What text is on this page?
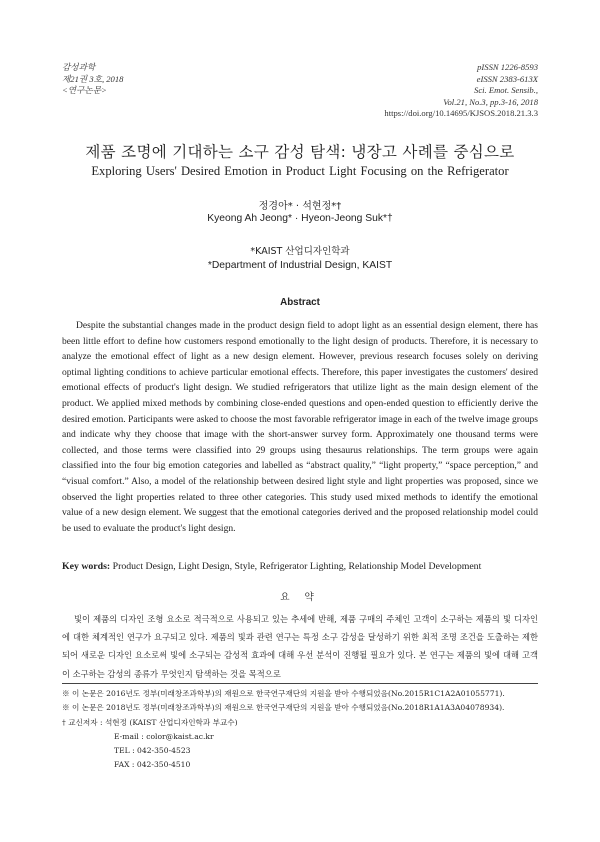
감성과학
제21권 3호, 2018
<연구논문>
pISSN 1226-8593
eISSN 2383-613X
Sci. Emot. Sensib.,
Vol.21, No.3, pp.3-16, 2018
https://doi.org/10.14695/KJSOS.2018.21.3.3
제품 조명에 기대하는 소구 감성 탐색: 냉장고 사례를 중심으로
Exploring Users' Desired Emotion in Product Light Focusing on the Refrigerator
정경아* · 석현정*†
Kyeong Ah Jeong* · Hyeon-Jeong Suk*†
*KAIST 산업디자인학과
*Department of Industrial Design, KAIST
Abstract
Despite the substantial changes made in the product design field to adopt light as an essential design element, there has been little effort to define how customers respond emotionally to the light design of products. Therefore, it is necessary to analyze the emotional effect of light as a new design element. However, previous research focuses solely on deriving optimal lighting conditions to achieve particular emotional effects. Therefore, this paper investigates the customers' desired emotional effects of product's light design. We studied refrigerators that utilize light as the main design element of the product. We applied mixed methods by combining close-ended questions and open-ended question to efficiently derive the desired emotion. Participants were asked to choose the most favorable refrigerator image in each of the twelve image groups and indicate why they choose that image with the short-answer survey form. Approximately one thousand terms were collected, and those terms were classified into 29 groups using thesaurus relationships. The term groups were again classified into the four big emotion categories and labelled as “abstract quality,” “light property,” “space perception,” and “visual comfort.” Also, a model of the relationship between desired light style and light properties was proposed, since we observed the light properties related to three other categories. This study used mixed methods to identify the emotional value of a new design element. We suggest that the emotional categories derived and the proposed relationship model could be used to evaluate the product's light design.
Key words: Product Design, Light Design, Style, Refrigerator Lighting, Relationship Model Development
요 약
빛이 제품의 디자인 조형 요소로 적극적으로 사용되고 있는 추세에 반해, 제품 구매의 주체인 고객이 소구하는 제품의 빛 디자인에 대한 체계적인 연구가 요구되고 있다. 제품의 빛과 관련 연구는 특정 소구 감성을 달성하기 위한 최적 조명 조건을 도출하는 제한되어 새로운 디자인 요소로써 빛에 소구되는 감성적 효과에 대해 우선 분석이 진행될 필요가 있다. 본 연구는 제품의 빛에 대해 고객이 소구하는 감성의 종류가 무엇인지 탐색하는 것을 목적으로
※ 이 논문은 2016년도 정부(미래창조과학부)의 재원으로 한국연구재단의 지원을 받아 수행되었음(No.2015R1C1A2A01055771).
※ 이 논문은 2018년도 정부(미래창조과학부)의 재원으로 한국연구재단의 지원을 받아 수행되었음(No.2018R1A1A3A04078934).
† 교신저자 : 석현정 (KAIST 산업디자인학과 부교수)
E-mail : color@kaist.ac.kr
TEL : 042-350-4523
FAX : 042-350-4510
